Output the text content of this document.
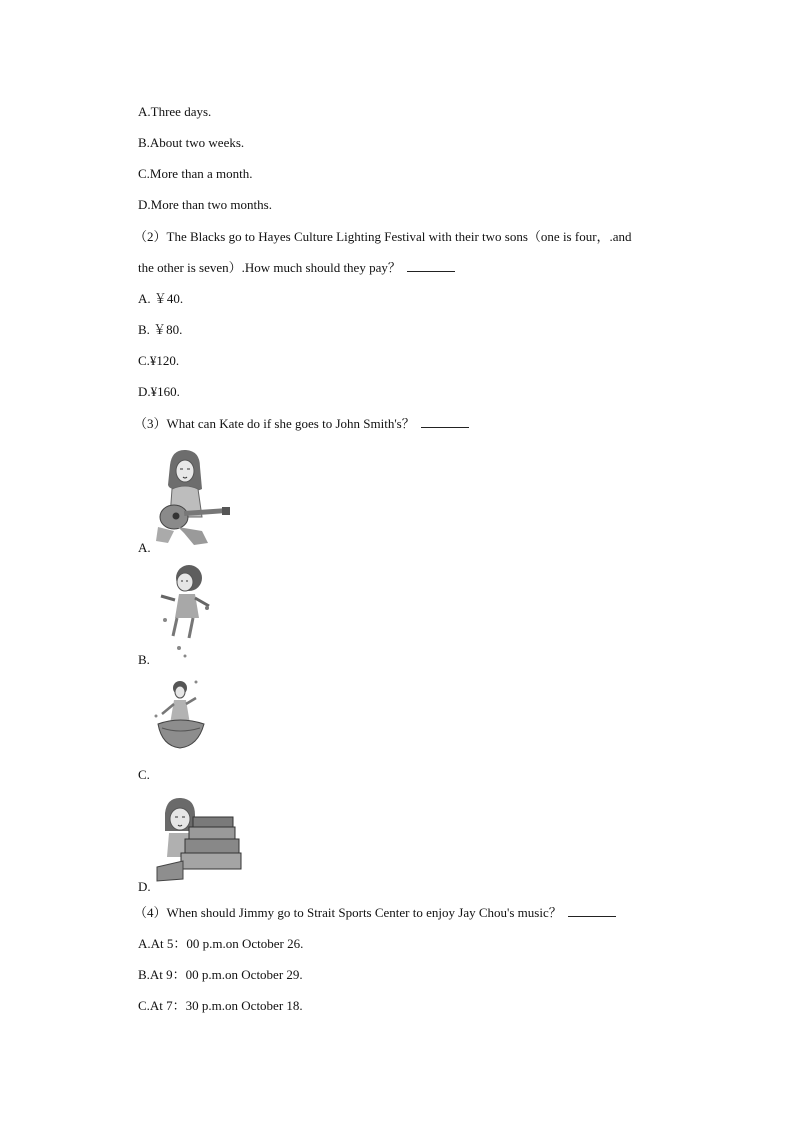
A.Three days.
B.About two weeks.
C.More than a month.
D.More than two months.
（2）The Blacks go to Hayes Culture Lighting Festival with their two sons（one is four，.and
the other is seven）.How much should they pay？
A. ￥40.
B. ￥80.
C.¥120.
D.¥160.
（3）What can Kate do if she goes to John Smith's？
A.
B.
C.
D.
（4）When should Jimmy go to Strait Sports Center to enjoy Jay Chou's music？
A.At 5：00 p.m.on October 26.
B.At 9：00 p.m.on October 29.
C.At 7：30 p.m.on October 18.
